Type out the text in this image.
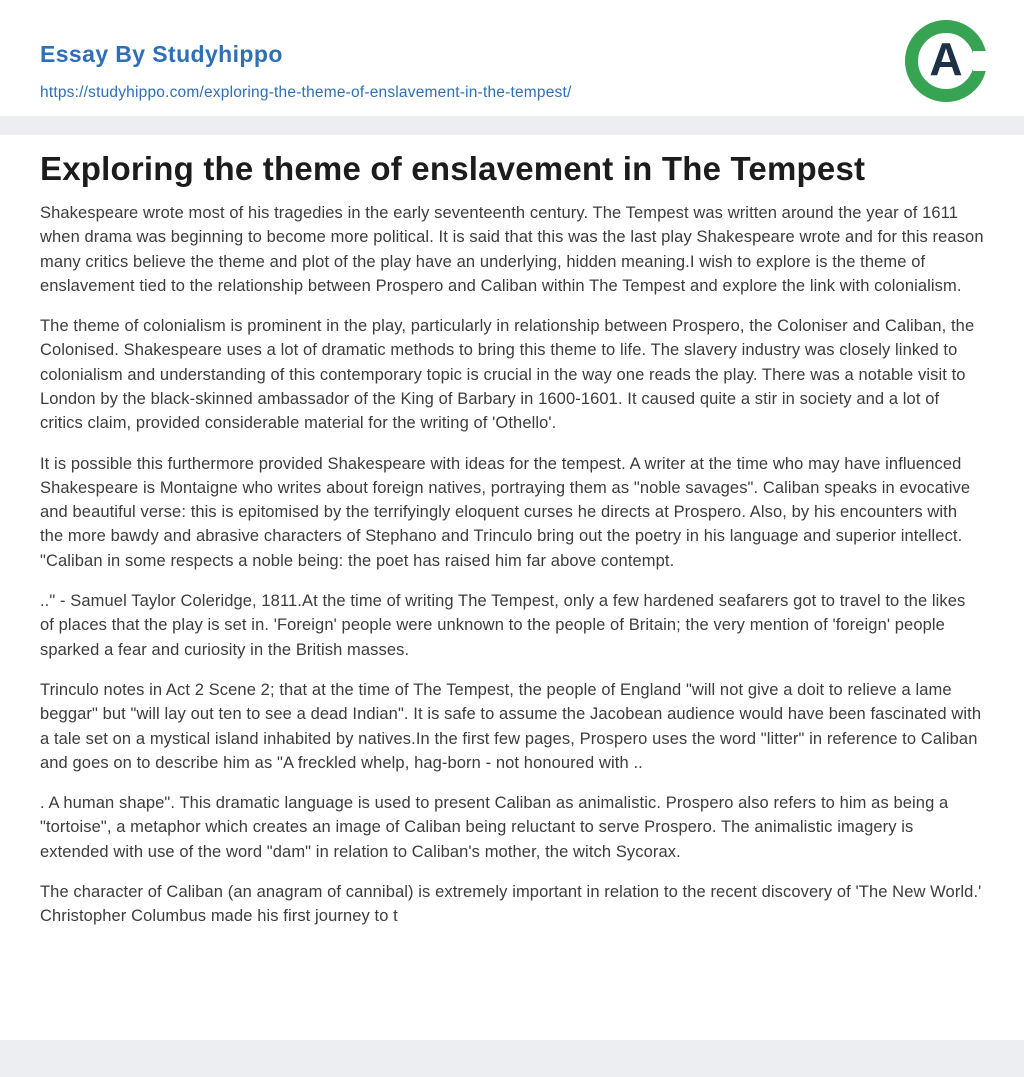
Essay By Studyhippo
https://studyhippo.com/exploring-the-theme-of-enslavement-in-the-tempest/
A
Exploring the theme of enslavement in The Tempest

Shakespeare wrote most of his tragedies in the early seventeenth century. The Tempest was written around the year of 1611 when drama was beginning to become more political. It is said that this was the last play Shakespeare wrote and for this reason many critics believe the theme and plot of the play have an underlying, hidden meaning.I wish to explore is the theme of enslavement tied to the relationship between Prospero and Caliban within The Tempest and explore the link with colonialism.

The theme of colonialism is prominent in the play, particularly in relationship between Prospero, the Coloniser and Caliban, the Colonised. Shakespeare uses a lot of dramatic methods to bring this theme to life. The slavery industry was closely linked to colonialism and understanding of this contemporary topic is crucial in the way one reads the play. There was a notable visit to London by the black-skinned ambassador of the King of Barbary in 1600-1601. It caused quite a stir in society and a lot of critics claim, provided considerable material for the writing of 'Othello'.

It is possible this furthermore provided Shakespeare with ideas for the tempest. A writer at the time who may have influenced Shakespeare is Montaigne who writes about foreign natives, portraying them as "noble savages". Caliban speaks in evocative and beautiful verse: this is epitomised by the terrifyingly eloquent curses he directs at Prospero. Also, by his encounters with the more bawdy and abrasive characters of Stephano and Trinculo bring out the poetry in his language and superior intellect. "Caliban in some respects a noble being: the poet has raised him far above contempt.

.." - Samuel Taylor Coleridge, 1811.At the time of writing The Tempest, only a few hardened seafarers got to travel to the likes of places that the play is set in. 'Foreign' people were unknown to the people of Britain; the very mention of 'foreign' people sparked a fear and curiosity in the British masses.

Trinculo notes in Act 2 Scene 2; that at the time of The Tempest, the people of England "will not give a doit to relieve a lame beggar" but "will lay out ten to see a dead Indian". It is safe to assume the Jacobean audience would have been fascinated with a tale set on a mystical island inhabited by natives.In the first few pages, Prospero uses the word "litter" in reference to Caliban and goes on to describe him as "A freckled whelp, hag-born - not honoured with ..

. A human shape". This dramatic language is used to present Caliban as animalistic. Prospero also refers to him as being a "tortoise", a metaphor which creates an image of Caliban being reluctant to serve Prospero. The animalistic imagery is extended with use of the word "dam" in relation to Caliban's mother, the witch Sycorax.

The character of Caliban (an anagram of cannibal) is extremely important in relation to the recent discovery of 'The New World.' Christopher Columbus made his first journey to t
